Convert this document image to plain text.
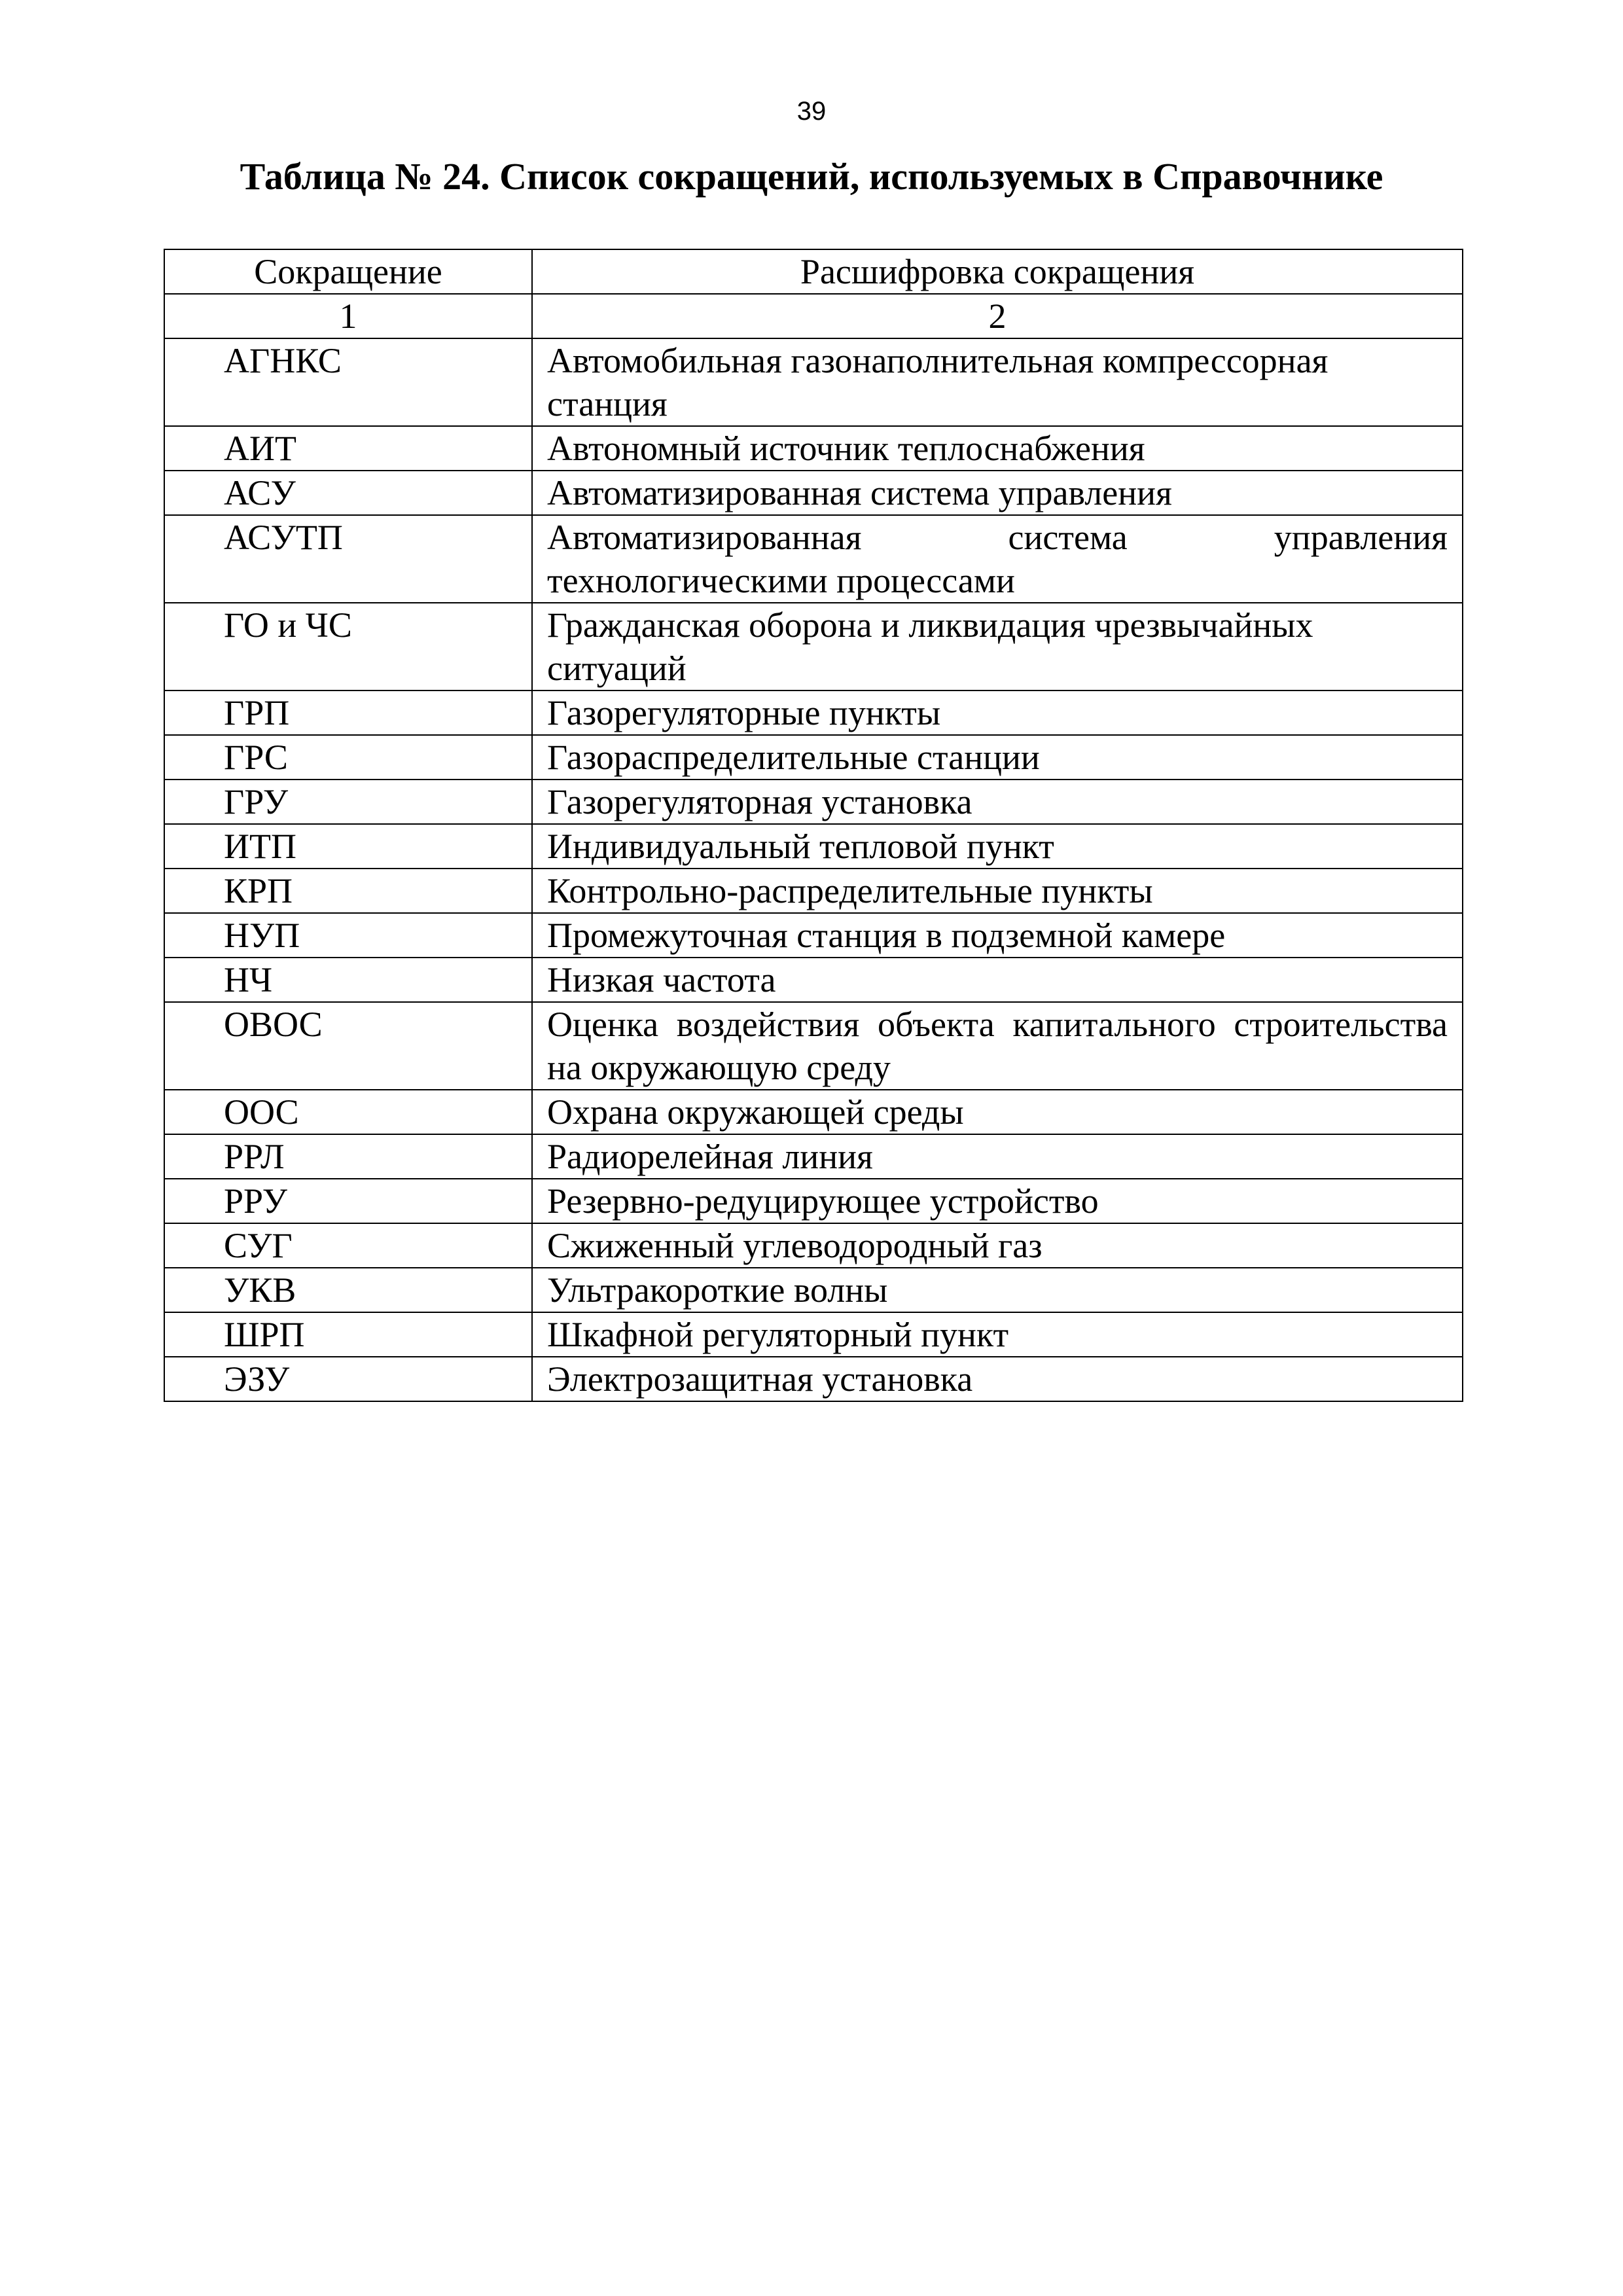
39
Таблица № 24. Список сокращений, используемых в Справочнике
Сокращение	Расшифровка сокращения
1	2
АГНКС	Автомобильная газонаполнительная компрессорная станция
АИТ	Автономный источник теплоснабжения
АСУ	Автоматизированная система управления
АСУТП	Автоматизированная система управления технологическими процессами
ГО и ЧС	Гражданская оборона и ликвидация чрезвычайных ситуаций
ГРП	Газорегуляторные пункты
ГРС	Газораспределительные станции
ГРУ	Газорегуляторная установка
ИТП	Индивидуальный тепловой пункт
КРП	Контрольно-распределительные пункты
НУП	Промежуточная станция в подземной камере
НЧ	Низкая частота
ОВОС	Оценка воздействия объекта капитального строительства на окружающую среду
ООС	Охрана окружающей среды
РРЛ	Радиорелейная линия
РРУ	Резервно-редуцирующее устройство
СУГ	Сжиженный углеводородный газ
УКВ	Ультракороткие волны
ШРП	Шкафной регуляторный пункт
ЭЗУ	Электрозащитная установка
